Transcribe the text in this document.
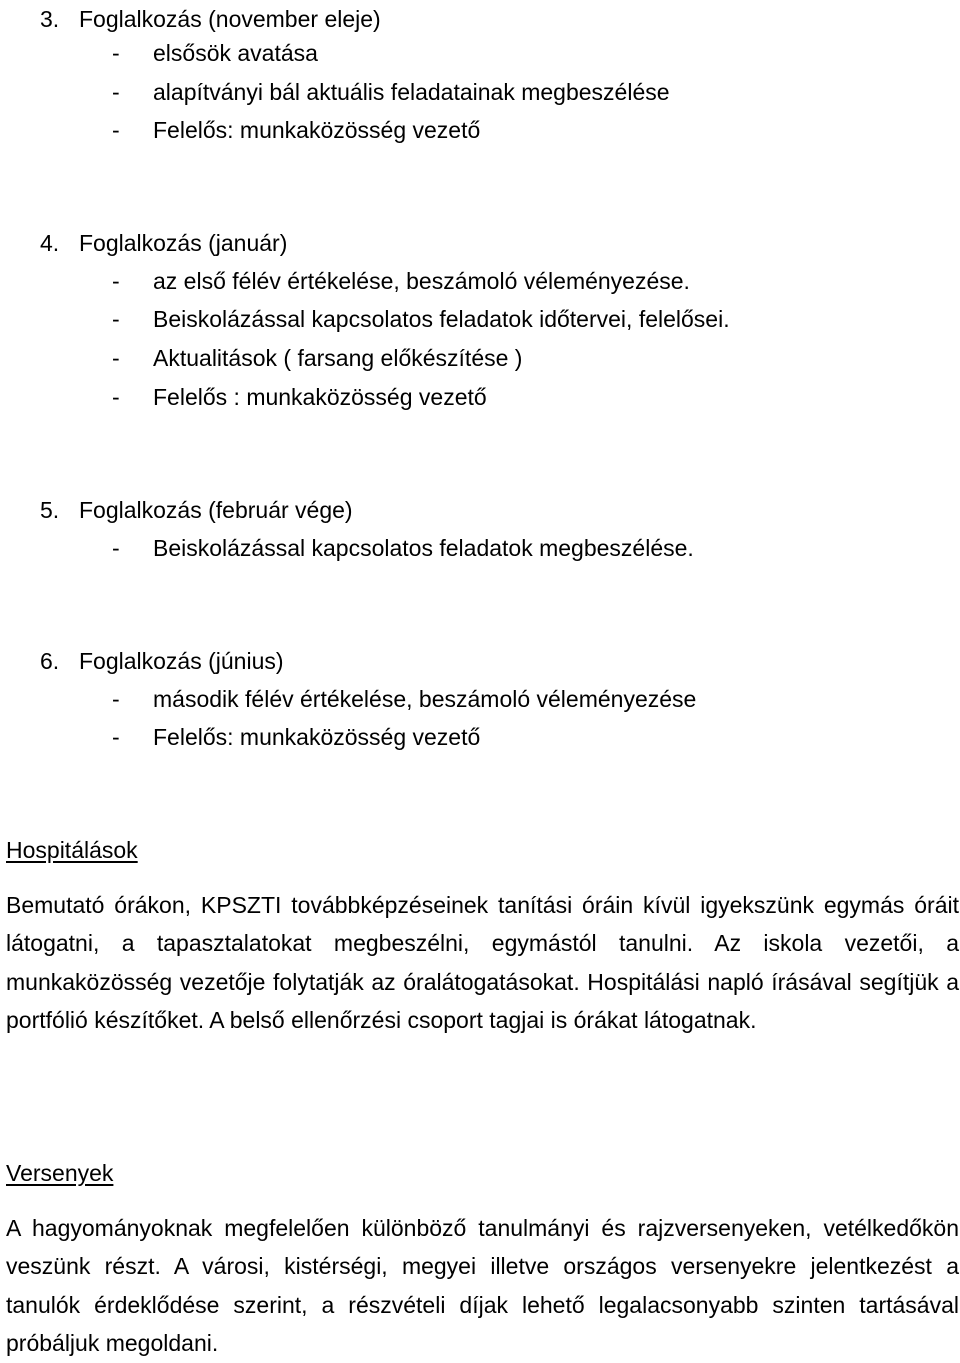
3. Foglalkozás (november eleje)
- elsősök avatása
- alapítványi bál aktuális feladatainak megbeszélése
- Felelős: munkaközösség vezető
4. Foglalkozás (január)
- az első félév értékelése, beszámoló véleményezése.
- Beiskolázással kapcsolatos feladatok időtervei, felelősei.
- Aktualitások ( farsang előkészítése )
- Felelős : munkaközösség vezető
5. Foglalkozás (február vége)
- Beiskolázással kapcsolatos feladatok megbeszélése.
6. Foglalkozás (június)
- második félév értékelése, beszámoló véleményezése
- Felelős: munkaközösség vezető
Hospitálások
Bemutató órákon, KPSZTI továbbképzéseinek tanítási óráin kívül igyekszünk egymás óráit látogatni, a tapasztalatokat megbeszélni, egymástól tanulni. Az iskola vezetői, a munkaközösség vezetője folytatják az óralátogatásokat. Hospitálási napló írásával segítjük a portfólió készítőket. A belső ellenőrzési csoport tagjai is órákat látogatnak.
Versenyek
A hagyományoknak megfelelően különböző tanulmányi és rajzversenyeken, vetélkedőkön veszünk részt. A városi, kistérségi, megyei illetve országos versenyekre jelentkezést a tanulók érdeklődése szerint, a részvételi díjak lehető legalacsonyabb szinten tartásával próbáljuk megoldani.
